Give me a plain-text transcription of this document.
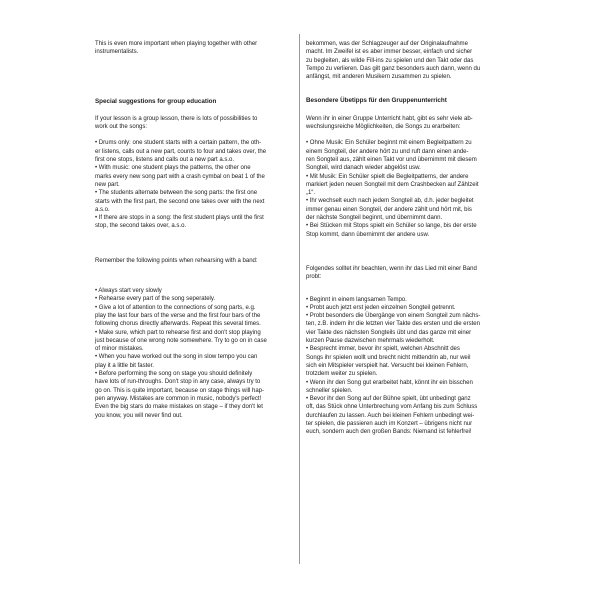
This is even more important when playing together with other
instrumentalists.

Special suggestions for group education

If your lesson is a group lesson, there is lots of possibilities to
work out the songs:

• Drums only: one student starts with a certain pattern, the oth-
er listens, calls out a new part, counts to four and takes over, the
first one stops, listens and calls out a new part a.s.o.
• With music: one student plays the patterns, the other one
marks every new song part with a crash cymbal on beat 1 of the
new part.
• The students alternate between the song parts: the first one
starts with the first part, the second one takes over with the next
a.s.o.
• If there are stops in a song: the first student plays until the first
stop, the second takes over, a.s.o.

Remember the following points when rehearsing with a band:

• Always start very slowly
• Rehearse every part of the song seperately.
• Give a lot of attention to the connections of song parts, e.g.
play the last four bars of the verse and the first four bars of the
following chorus directly afterwards. Repeat this several times.
• Make sure, which part to rehearse first and don't stop playing
just because of one wrong note somewhere. Try to go on in case
of minor mistakes.
• When you have worked out the song in slow tempo you can
play it a little bit faster.
• Before performing the song on stage you should definitely
have lots of run-throughs. Don't stop in any case, always try to
go on. This is quite important, because on stage things will hap-
pen anyway. Mistakes are common in music, nobody's perfect!
Even the big stars do make mistakes on stage – if they don't let
you know, you will never find out.

bekommen, was der Schlagzeuger auf der Originalaufnahme
macht. Im Zweifel ist es aber immer besser, einfach und sicher
zu begleiten, als wilde Fill-ins zu spielen und den Takt oder das
Tempo zu verlieren. Das gilt ganz besonders auch dann, wenn du
anfängst, mit anderen Musikern zusammen zu spielen.

Besondere Übetipps für den Gruppenunterricht

Wenn ihr in einer Gruppe Unterricht habt, gibt es sehr viele ab-
wechslungsreiche Möglichkeiten, die Songs zu erarbeiten:

• Ohne Musik: Ein Schüler beginnt mit einem Begleitpattern zu
einem Songteil, der andere hört zu und ruft dann einen ande-
ren Songteil aus, zählt einen Takt vor und übernimmt mit diesem
Songteil, wird danach wieder abgelöst usw.
• Mit Musik: Ein Schüler spielt die Begleitpatterns, der andere
markiert jeden neuen Songteil mit dem Crashbecken auf Zählzeit
„1“.
• Ihr wechselt euch nach jedem Songteil ab, d.h. jeder begleitet
immer genau einen Songteil, der andere zählt und hört mit, bis
der nächste Songteil beginnt, und übernimmt dann.
• Bei Stücken mit Stops spielt ein Schüler so lange, bis der erste
Stop kommt, dann übernimmt der andere usw.

Folgendes solltet ihr beachten, wenn ihr das Lied mit einer Band
probt:

• Beginnt in einem langsamen Tempo.
• Probt auch jetzt erst jeden einzelnen Songteil getrennt.
• Probt besonders die Übergänge von einem Songteil zum nächs-
ten, z.B. indem ihr die letzten vier Takte des ersten und die ersten
vier Takte des nächsten Songteils übt und das ganze mit einer
kurzen Pause dazwischen mehrmals wiederholt.
• Besprecht immer, bevor ihr spielt, welchen Abschnitt des
Songs ihr spielen wollt und brecht nicht mittendrin ab, nur weil
sich ein Mitspieler verspielt hat. Versucht bei kleinen Fehlern,
trotzdem weiter zu spielen.
• Wenn ihr den Song gut erarbeitet habt, könnt ihr ein bisschen
schneller spielen.
• Bevor ihr den Song auf der Bühne spielt, übt unbedingt ganz
oft, das Stück ohne Unterbrechung vom Anfang bis zum Schluss
durchlaufen zu lassen. Auch bei kleinen Fehlern unbedingt wei-
ter spielen, die passieren auch im Konzert – übrigens nicht nur
euch, sondern auch den großen Bands: Niemand ist fehlerfrei!
